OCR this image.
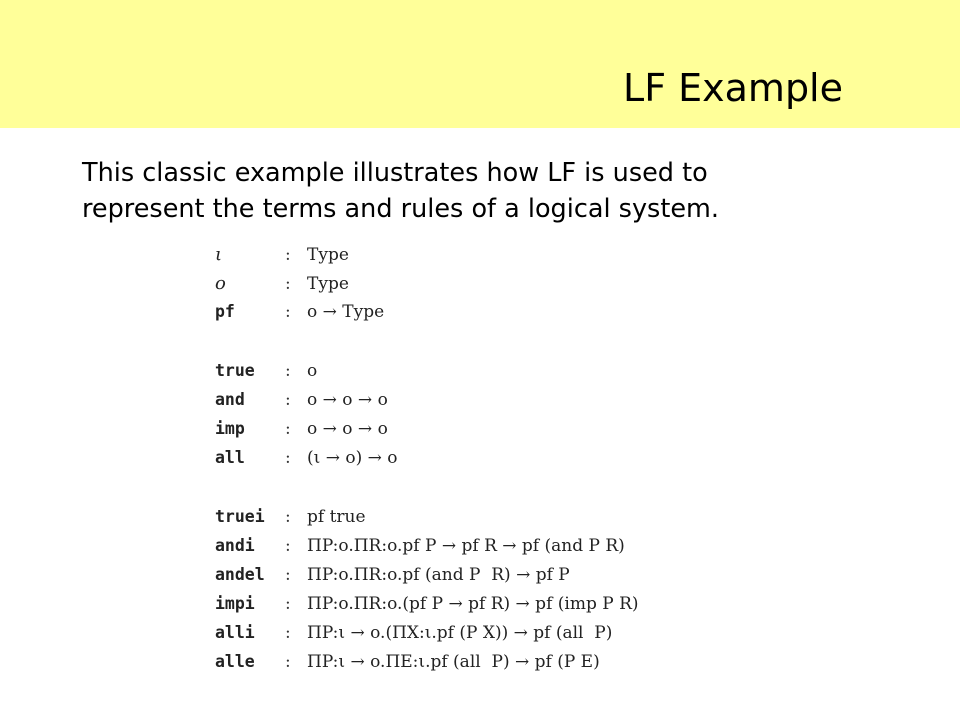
LF Example
This classic example illustrates how LF is used to
represent the terms and rules of a logical system.
ι	: Type
o	: Type
pf	: o → Type
true	: o
and	: o → o → o
imp	: o → o → o
all	: (ι → o) → o
truei	: pf true
andi	: ΠP:o.ΠR:o.pf P → pf R → pf (and P R)
andel	: ΠP:o.ΠR:o.pf (and P  R) → pf P
impi	: ΠP:o.ΠR:o.(pf P → pf R) → pf (imp P R)
alli	: ΠP:ι → o.(ΠX:ι.pf (P X)) → pf (all  P)
alle	: ΠP:ι → o.ΠE:ι.pf (all  P) → pf (P E)
